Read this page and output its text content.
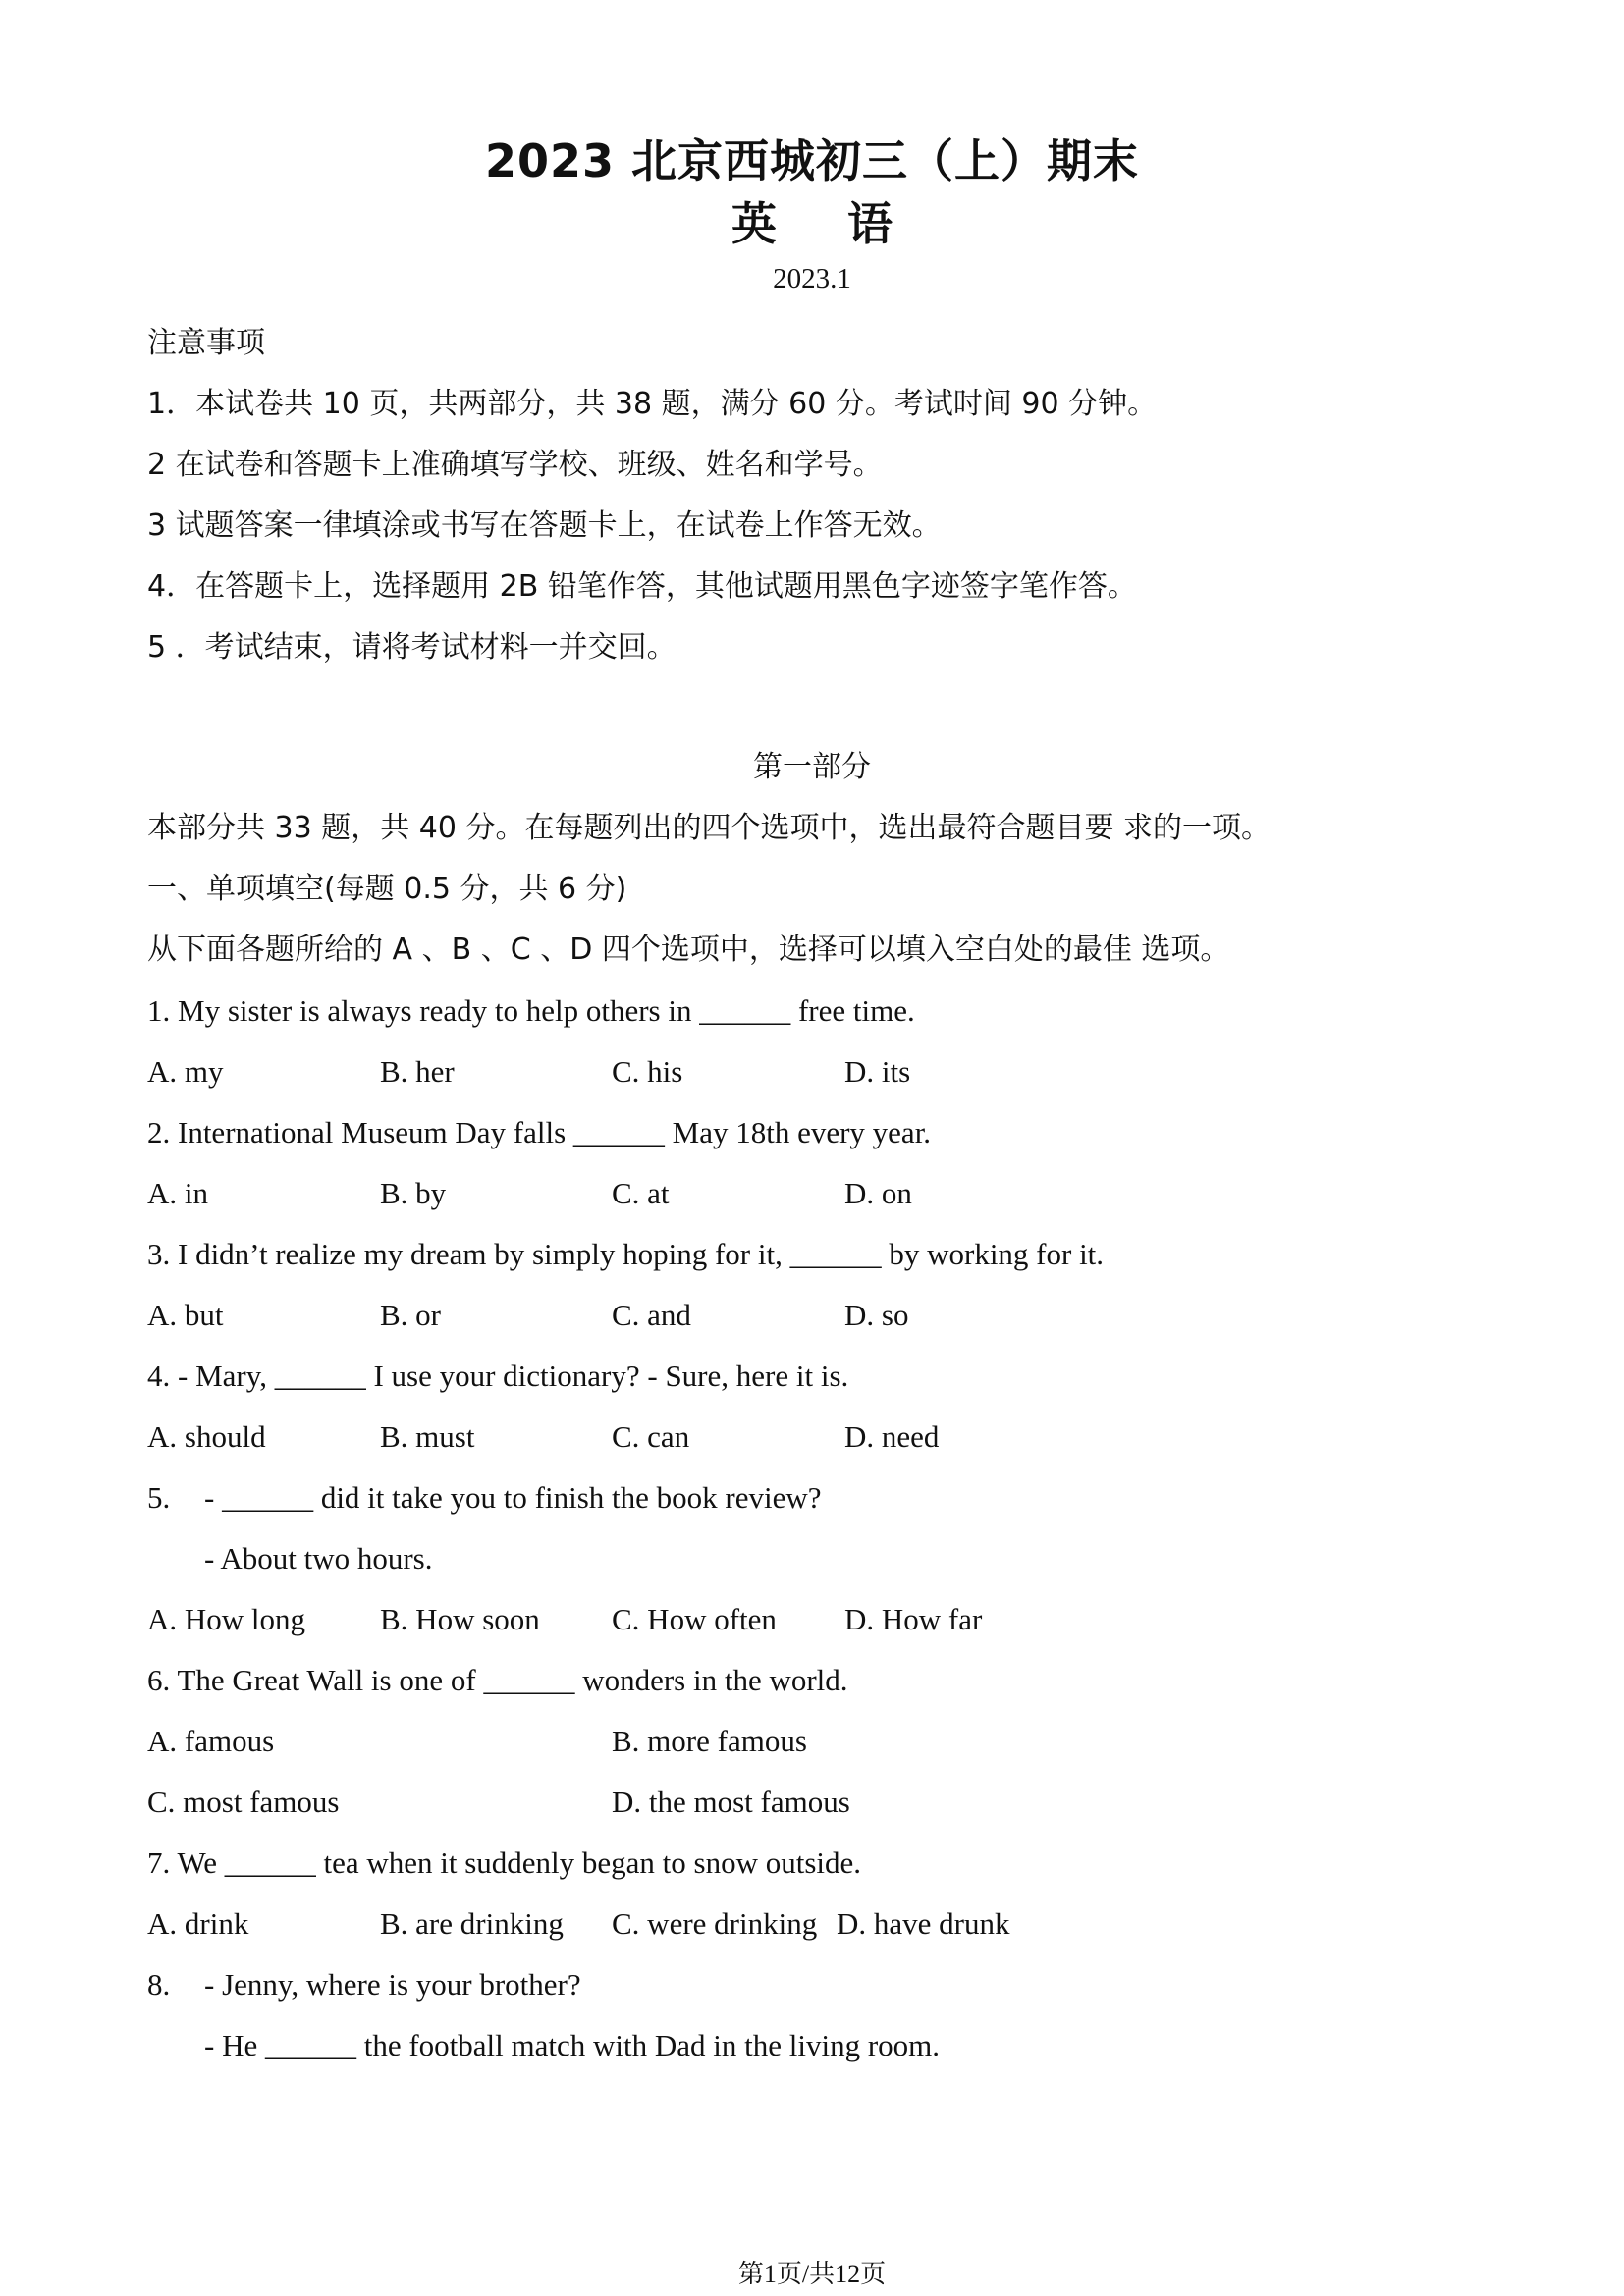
2023 北京西城初三（上）期末
英语
2023.1
注意事项
1．本试卷共 10 页，共两部分，共 38 题，满分 60 分。考试时间 90 分钟。
2 在试卷和答题卡上准确填写学校、班级、姓名和学号。
3 试题答案一律填涂或书写在答题卡上，在试卷上作答无效。
4．在答题卡上，选择题用 2B 铅笔作答，其他试题用黑色字迹签字笔作答。
5 ．考试结束，请将考试材料一并交回。
第一部分
本部分共 33 题，共 40 分。在每题列出的四个选项中，选出最符合题目要 求的一项。
一、单项填空(每题 0.5 分，共 6 分)
从下面各题所给的 A 、B 、C 、D 四个选项中，选择可以填入空白处的最佳 选项。
1. My sister is always ready to help others in ______ free time.
A. my	B. her	C. his	D. its
2. International Museum Day falls ______ May 18th every year.
A. in	B. by	C. at	D. on
3. I didn’t realize my dream by simply hoping for it, ______ by working for it.
A. but	B. or	C. and	D. so
4. - Mary, ______ I use your dictionary? - Sure, here it is.
A. should	B. must	C. can	D. need
5. - ______ did it take you to finish the book review?
- About two hours.
A. How long B. How soon C. How often D. How far
6. The Great Wall is one of ______ wonders in the world.
A. famous	B. more famous
C. most famous	D. the most famous
7. We ______ tea when it suddenly began to snow outside.
A. drink	B. are drinking C. were drinking D. have drunk
8. - Jenny, where is your brother?
- He ______ the football match with Dad in the living room.
第1页/共12页
